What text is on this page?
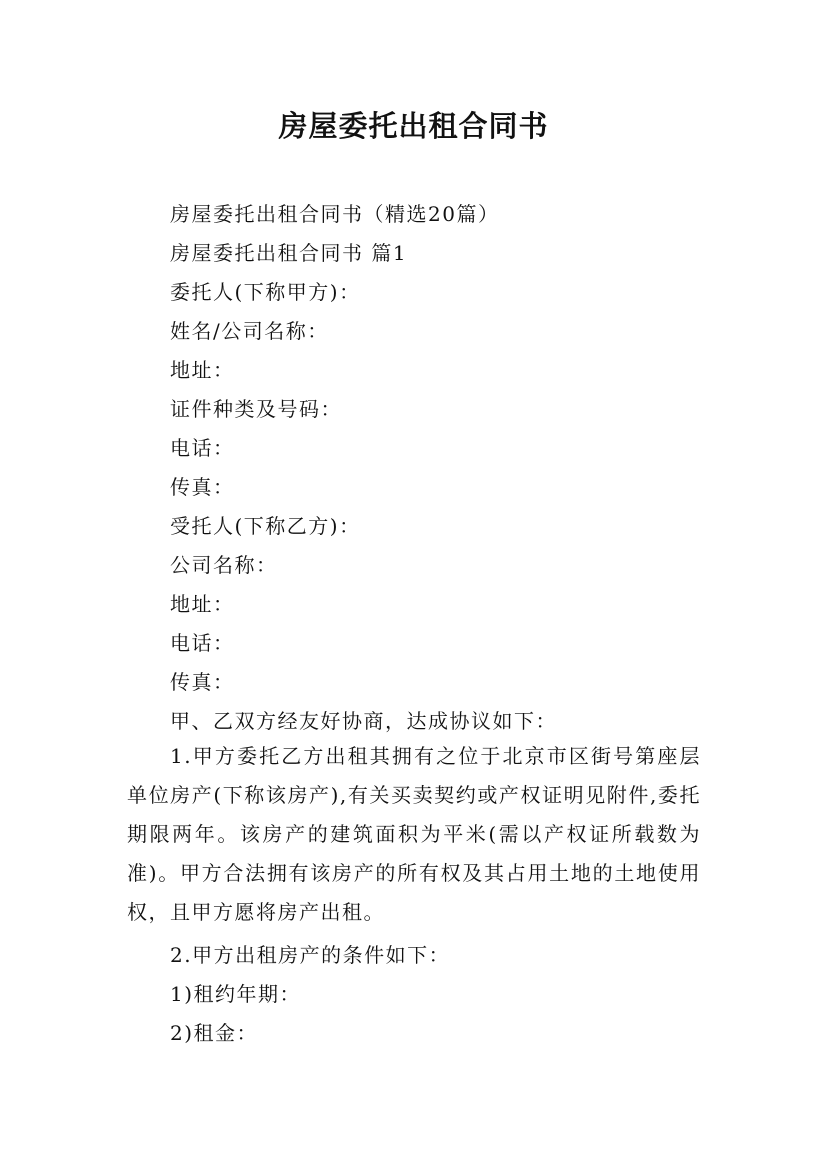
房屋委托出租合同书
房屋委托出租合同书（精选20篇）
房屋委托出租合同书 篇1
委托人(下称甲方)：
姓名/公司名称：
地址：
证件种类及号码：
电话：
传真：
受托人(下称乙方)：
公司名称：
地址：
电话：
传真：
甲、乙双方经友好协商，达成协议如下：
1.甲方委托乙方出租其拥有之位于北京市区街号第座层单位房产(下称该房产),有关买卖契约或产权证明见附件,委托期限两年。该房产的建筑面积为平米(需以产权证所载数为准)。甲方合法拥有该房产的所有权及其占用土地的土地使用权，且甲方愿将房产出租。
2.甲方出租房产的条件如下：
1)租约年期：
2)租金：
